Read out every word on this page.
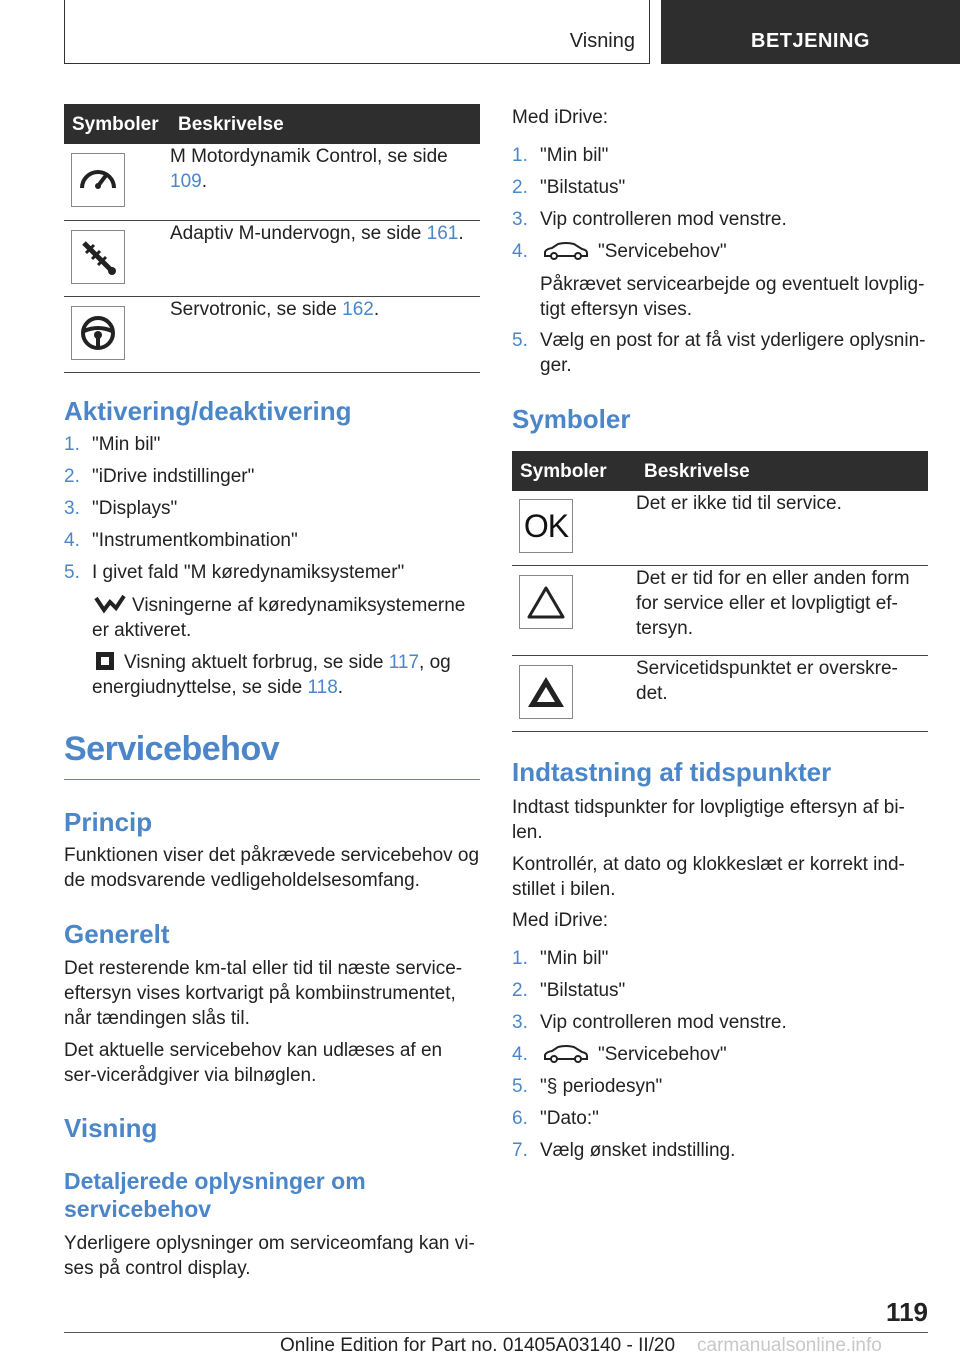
Visning	BETJENING
Symboler	Beskrivelse

	M Motordynamik Control, se side 109.

	Adaptiv M-undervogn, se side 161.

	Servotronic, se side 162.
Aktivering/deaktivering
1. "Min bil"
2. "iDrive indstillinger"
3. "Displays"
4. "Instrumentkombination"
5. I givet fald "M køredynamiksystemer"
Visningerne af køredynamiksystemerne er aktiveret.
Visning aktuelt forbrug, se side 117, og energiudnyttelse, se side 118.
Servicebehov
Princip

Funktionen viser det påkrævede servicebehov og de modsvarende vedligeholdelsesomfang.

Generelt

Det resterende km-tal eller tid til næste service-eftersyn vises kortvarigt på kombiinstrumentet, når tændingen slås til.

Det aktuelle servicebehov kan udlæses af en ser-vicerådgiver via bilnøglen.

Visning
Detaljerede oplysninger om servicebehov

Yderligere oplysninger om serviceomfang kan vi-ses på control display.

Med iDrive:

1. "Min bil"
2. "Bilstatus"
3. Vip controlleren mod venstre.
4.	"Servicebehov"
Påkrævet servicearbejde og eventuelt lovplig-tigt eftersyn vises.
5. Vælg en post for at få vist yderligere oplysnin-ger.
Symboler
Symboler	Beskrivelse

OK	Det er ikke tid til service.

	Det er tid for en eller anden form for service eller et lovpligtigt ef-tersyn.

	Servicetidspunktet er overskre-det.
Indtastning af tidspunkter

Indtast tidspunkter for lovpligtige eftersyn af bi-len.

Kontrollér, at dato og klokkeslæt er korrekt ind-stillet i bilen.

Med iDrive:

1. "Min bil"
2. "Bilstatus"
3. Vip controlleren mod venstre.
4.	"Servicebehov"
5. "§ periodesyn"
6. "Dato:"
7. Vælg ønsket indstilling.
119
Online Edition for Part no. 01405A03140 - II/20 carmanualsonline.info
